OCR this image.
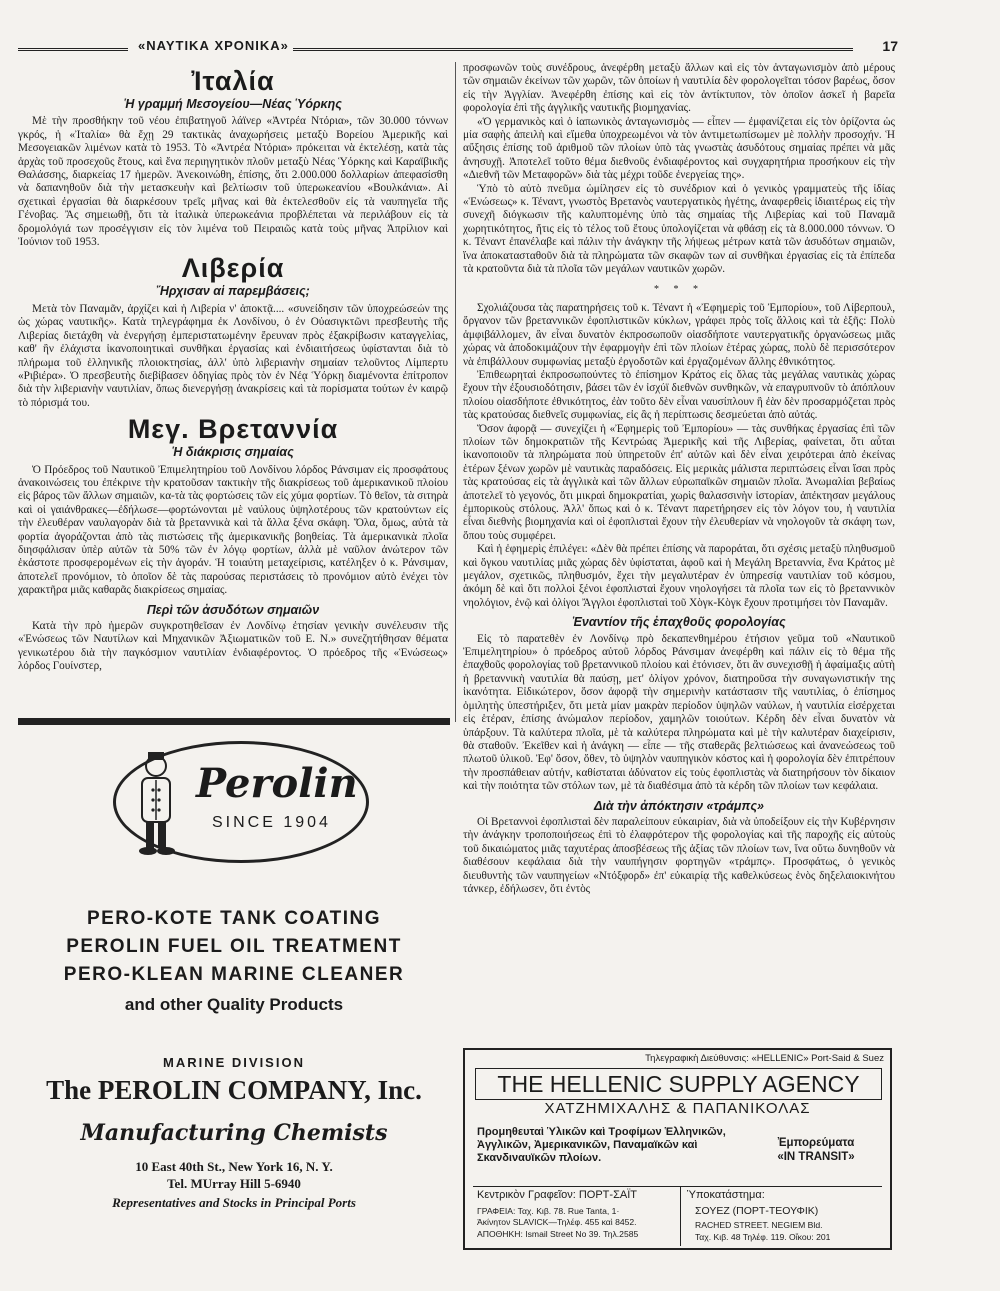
«ΝΑΥΤΙΚΑ ΧΡΟΝΙΚΑ»	17
Ἰταλία
Ἡ γραμμή Μεσογείου—Νέας Ὑόρκης

Μὲ τὴν προσθήκην τοῦ νέου ἐπιβατηγοῦ λάϊνερ «Ἀντρέα Ντόρια», τῶν 30.000 τόννων γκρός, ἡ «Ἰταλία» θὰ ἔχῃ 29 τακτικὰς ἀναχωρήσεις μεταξὺ Βορείου Ἀμερικῆς καὶ Μεσογειακῶν λιμένων κατὰ τὸ 1953. Τὸ «Ἀντρέα Ντόρια» πρόκειται νὰ ἐκτελέσῃ, κατὰ τὰς ἀρχὰς τοῦ προσεχοῦς ἔτους, καὶ ἕνα περιηγητικὸν πλοῦν μεταξὺ Νέας Ὑόρκης καὶ Καραϊβικῆς Θαλάσσης, διαρκείας 17 ἡμερῶν. Ἀνεκοινώθη, ἐπίσης, ὅτι 2.000.000 δολλαρίων ἀπεφασίσθη νὰ δαπανηθοῦν διὰ τὴν μετασκευὴν καὶ βελτίωσιν τοῦ ὑπερωκεανίου «Βουλκάνια». Αἱ σχετικαὶ ἐργασίαι θὰ διαρκέσουν τρεῖς μῆνας καὶ θὰ ἐκτελεσθοῦν εἰς τὰ ναυπηγεῖα τῆς Γένοβας. Ἂς σημειωθῇ, ὅτι τὰ ἰταλικὰ ὑπερωκεάνια προβλέπεται νὰ περιλάβουν εἰς τὰ δρομολόγιά των προσέγγισιν εἰς τὸν λιμένα τοῦ Πειραιῶς κατὰ τοὺς μῆνας Ἀπρίλιον καὶ Ἰούνιον τοῦ 1953.

Λιβερία
Ἤρχισαν αἱ παρεμβάσεις;

Μετὰ τὸν Παναμᾶν, ἀρχίζει καὶ ἡ Λιβερία ν' ἀποκτᾷ.... «συνείδησιν τῶν ὑποχρεώσεών της ὡς χώρας ναυτικῆς». Κατὰ τηλεγράφημα ἐκ Λονδίνου, ὁ ἐν Οὐασιγκτῶνι πρεσβευτὴς τῆς Λιβερίας διετάχθη νὰ ἐνεργήσῃ ἐμπεριστατωμένην ἔρευναν πρὸς ἐξακρίβωσιν καταγγελίας, καθ' ἣν ἐλάχιστα ἱκανοποιητικαὶ συνθῆκαι ἐργασίας καὶ ἐνδιαιτήσεως ὑφίστανται διὰ τὸ πλήρωμα τοῦ ἑλληνικῆς πλοιοκτησίας, ἀλλ' ὑπὸ λιβεριανὴν σημαίαν τελοῦντος Λίμπερτυ «Ριβιέρα». Ὁ πρεσβευτὴς διεβίβασεν ὁδηγίας πρὸς τὸν ἐν Νέᾳ Ὑόρκῃ διαμένοντα ἐπίτροπον διὰ τὴν λιβεριανὴν ναυτιλίαν, ὅπως διενεργήσῃ ἀνακρίσεις καὶ τὰ πορίσματα τούτων ἐν καιρῷ τὸ πόρισμά του.

Μεγ. Βρεταννία
Ἡ διάκρισις σημαίας

Ὁ Πρόεδρος τοῦ Ναυτικοῦ Ἐπιμελητηρίου τοῦ Λονδίνου λόρδος Ράνσιμαν εἰς προσφάτους ἀνακοινώσεις του ἐπέκρινε τὴν κρατοῦσαν τακτικὴν τῆς διακρίσεως τοῦ ἀμερικανικοῦ πλοίου εἰς βάρος τῶν ἄλλων σημαιῶν, κα-τὰ τὰς φορτώσεις τῶν εἰς χύμα φορτίων. Τὸ θεῖον, τὰ σιτηρὰ καὶ οἱ γαιάνθρακες—ἐδήλωσε—φορτώνονται μὲ ναύλους ὑψηλοτέρους τῶν κρατούντων εἰς τὴν ἐλευθέραν ναυλαγορὰν διὰ τὰ βρεταννικὰ καὶ τὰ ἄλλα ξένα σκάφη. Ὅλα, ὅμως, αὐτὰ τὰ φορτία ἀγοράζονται ἀπὸ τὰς πιστώσεις τῆς ἀμερικανικῆς βοηθείας. Τὰ ἀμερικανικὰ πλοῖα διησφάλισαν ὑπὲρ αὐτῶν τὰ 50% τῶν ἐν λόγῳ φορτίων, ἀλλὰ μὲ ναῦλον ἀνώτερον τῶν ἑκάστοτε προσφερομένων εἰς τὴν ἀγοράν. Ἡ τοιαύτη μεταχείρισις, κατέληξεν ὁ κ. Ράνσιμαν, ἀποτελεῖ προνόμιον, τὸ ὁποῖον δὲ τὰς παρούσας περιστάσεις τὸ προνόμιον αὐτὸ ἐνέχει τὸν χαρακτῆρα μιᾶς καθαρᾶς διακρίσεως σημαίας.

Περὶ τῶν ἀσυδότων σημαιῶν

Κατὰ τὴν πρὸ ἡμερῶν συγκροτηθεῖσαν ἐν Λονδίνῳ ἐτησίαν γενικὴν συνέλευσιν τῆς «Ἑνώσεως τῶν Ναυτίλων καὶ Μηχανικῶν Ἀξιωματικῶν τοῦ Ε. Ν.» συνεζητήθησαν θέματα γενικωτέρου διὰ τὴν παγκόσμιον ναυτιλίαν ἐνδιαφέροντος. Ὁ πρόεδρος τῆς «Ἑνώσεως» λόρδος Γουίνστερ,

προσφωνῶν τοὺς συνέδρους, ἀνεφέρθη μεταξὺ ἄλλων καὶ εἰς τὸν ἀνταγωνισμὸν ἀπὸ μέρους τῶν σημαιῶν ἐκείνων τῶν χωρῶν, τῶν ὁποίων ἡ ναυτιλία δὲν φορολογεῖται τόσον βαρέως, ὅσον εἰς τὴν Ἀγγλίαν. Ἀνεφέρθη ἐπίσης καὶ εἰς τὸν ἀντίκτυπον, τὸν ὁποῖον ἀσκεῖ ἡ βαρεῖα φορολογία ἐπὶ τῆς ἀγγλικῆς ναυτικῆς βιομηχανίας.

«Ὁ γερμανικὸς καὶ ὁ ἰαπωνικὸς ἀνταγωνισμὸς — εἶπεν — ἐμφανίζεται εἰς τὸν ὁρίζοντα ὡς μία σαφὴς ἀπειλὴ καὶ εἴμεθα ὑποχρεωμένοι νὰ τὸν ἀντιμετωπίσωμεν μὲ πολλὴν προσοχήν. Ἡ αὔξησις ἐπίσης τοῦ ἀριθμοῦ τῶν πλοίων ὑπὸ τὰς γνωστὰς ἀσυδότους σημαίας πρέπει νὰ μᾶς ἀνησυχῇ. Ἀποτελεῖ τοῦτο θέμα διεθνοῦς ἐνδιαφέροντος καὶ συγχαρητήρια προσήκουν εἰς τὴν «Διεθνῆ τῶν Μεταφορῶν» διὰ τὰς μέχρι τοῦδε ἐνεργείας της».

Ὑπὸ τὸ αὐτὸ πνεῦμα ὡμίλησεν εἰς τὸ συνέδριον καὶ ὁ γενικὸς γραμματεὺς τῆς ἰδίας «Ἑνώσεως» κ. Τέναντ, γνωστὸς Βρετανὸς ναυτεργατικὸς ἡγέτης, ἀναφερθεὶς ἰδιαιτέρως εἰς τὴν συνεχῆ διόγκωσιν τῆς καλυπτομένης ὑπὸ τὰς σημαίας τῆς Λιβερίας καὶ τοῦ Παναμᾶ χωρητικότητος, ἥτις εἰς τὸ τέλος τοῦ ἔτους ὑπολογίζεται νὰ φθάσῃ εἰς τὰ 8.000.000 τόννων. Ὁ κ. Τέναντ ἐπανέλαβε καὶ πάλιν τὴν ἀνάγκην τῆς λήψεως μέτρων κατὰ τῶν ἀσυδότων σημαιῶν, ἵνα ἀποκατασταθοῦν διὰ τὰ πληρώματα τῶν σκαφῶν των αἱ συνθῆκαι ἐργασίας εἰς τὰ ἐπίπεδα τὰ κρατοῦντα διὰ τὰ πλοῖα τῶν μεγάλων ναυτικῶν χωρῶν.

* * *

Σχολιάζουσα τὰς παρατηρήσεις τοῦ κ. Τέναντ ἡ «Ἐφημερὶς τοῦ Ἐμπορίου», τοῦ Λίβερπουλ, ὄργανον τῶν βρεταννικῶν ἐφοπλιστικῶν κύκλων, γράφει πρὸς τοῖς ἄλλοις καὶ τὰ ἑξῆς: Πολὺ ἀμφιβάλλομεν, ἂν εἶναι δυνατὸν ἐκπροσωποῦν οἱασδήποτε ναυτεργατικῆς ὀργανώσεως μιᾶς χώρας νὰ ἀποδοκιμάζουν τὴν ἐφαρμογὴν ἐπὶ τῶν πλοίων ἑτέρας χώρας, πολὺ δὲ περισσότερον νὰ ἐπιβάλλουν συμφωνίας μεταξὺ ἐργοδοτῶν καὶ ἐργαζομένων ἄλλης ἐθνικότητος.

Ἐπιθεωρηταὶ ἐκπροσωπούντες τὸ ἐπίσημον Κράτος εἰς ὅλας τὰς μεγάλας ναυτικὰς χώρας ἔχουν τὴν ἐξουσιοδότησιν, βάσει τῶν ἐν ἰσχύϊ διεθνῶν συνθηκῶν, νὰ επαγρυπνοῦν τὸ ἀπόπλουν πλοίου οἱασδήποτε ἐθνικότητος, ἐὰν τοῦτο δὲν εἶναι ναυσίπλουν ἢ ἐὰν δὲν προσαρμόζεται πρὸς τὰς κρατούσας διεθνεῖς συμφωνίας, εἰς ἃς ἡ περίπτωσις δεσμεύεται ἀπὸ αὐτάς.

Ὅσον ἀφορᾷ — συνεχίζει ἡ «Ἐφημερὶς τοῦ Ἐμπορίου» — τὰς συνθήκας ἐργασίας ἐπὶ τῶν πλοίων τῶν δημοκρατιῶν τῆς Κεντρώας Ἀμερικῆς καὶ τῆς Λιβερίας, φαίνεται, ὅτι αὗται ἱκανοποιοῦν τὰ πληρώματα ποὺ ὑπηρετοῦν ἐπ' αὐτῶν καὶ δὲν εἶναι χειρότεραι ἀπὸ ἐκείνας ἑτέρων ξένων χωρῶν μὲ ναυτικὰς παραδόσεις. Εἰς μερικὰς μάλιστα περιπτώσεις εἶναι ἴσαι πρὸς τὰς κρατούσας εἰς τὰ ἀγγλικὰ καὶ τῶν ἄλλων εὐρωπαϊκῶν σημαιῶν πλοῖα. Ἀνωμαλίαι βεβαίως ἀποτελεῖ τὸ γεγονός, ὅτι μικραὶ δημοκρατίαι, χωρὶς θαλασσινὴν ἱστορίαν, ἀπέκτησαν μεγάλους ἐμπορικοὺς στόλους. Ἀλλ' ὅπως καὶ ὁ κ. Τέναντ παρετήρησεν εἰς τὸν λόγον του, ἡ ναυτιλία εἶναι διεθνὴς βιομηχανία καὶ οἱ ἐφοπλισταὶ ἔχουν τὴν ἐλευθερίαν νὰ νηολογοῦν τὰ σκάφη των, ὅπου τοὺς συμφέρει.

Καὶ ἡ ἐφημερὶς ἐπιλέγει: «Δὲν θὰ πρέπει ἐπίσης νὰ παροράται, ὅτι σχέσις μεταξὺ πληθυσμοῦ καὶ ὄγκου ναυτιλίας μιᾶς χώρας δὲν ὑφίσταται, ἀφοῦ καὶ ἡ Μεγάλη Βρεταννία, ἕνα Κράτος μὲ μεγάλον, σχετικῶς, πληθυσμόν, ἔχει τὴν μεγαλυτέραν ἐν ὑπηρεσίᾳ ναυτιλίαν τοῦ κόσμου, ἀκόμη δὲ καὶ ὅτι πολλοὶ ξένοι ἐφοπλισταὶ ἔχουν νηολογήσει τὰ πλοῖα των εἰς τὸ βρεταννικὸν νηολόγιον, ἐνῷ καὶ ὀλίγοι Ἄγγλοι ἐφοπλισταὶ τοῦ Χὸγκ-Κὸγκ ἔχουν προτιμήσει τὸν Παναμᾶν.

Ἐναντίον τῆς ἐπαχθοῦς φορολογίας

Εἰς τὸ παρατεθὲν ἐν Λονδίνῳ πρὸ δεκαπενθημέρου ἐτήσιον γεῦμα τοῦ «Ναυτικοῦ Ἐπιμελητηρίου» ὁ πρόεδρος αὐτοῦ λόρδος Ράνσιμαν ἀνεφέρθη καὶ πάλιν εἰς τὸ θέμα τῆς ἐπαχθοῦς φορολογίας τοῦ βρεταννικοῦ πλοίου καὶ ἐτόνισεν, ὅτι ἂν συνεχισθῇ ἡ ἀφαίμαξις αὐτὴ ἡ βρεταννικὴ ναυτιλία θὰ παύσῃ, μετ' ὀλίγον χρόνον, διατηροῦσα τὴν συναγωνιστικήν της ἱκανότητα. Εἰδικώτερον, ὅσον ἀφορᾷ τὴν σημερινὴν κατάστασιν τῆς ναυτιλίας, ὁ ἐπίσημος ὁμιλητὴς ὑπεστήριξεν, ὅτι μετὰ μίαν μακρὰν περίοδον ὑψηλῶν ναύλων, ἡ ναυτιλία εἰσέρχεται εἰς ἑτέραν, ἐπίσης ἀνώμαλον περίοδον, χαμηλῶν τοιούτων. Κέρδη δὲν εἶναι δυνατὸν νὰ ὑπάρξουν. Τὰ καλύτερα πλοῖα, μὲ τὰ καλύτερα πληρώματα καὶ μὲ τὴν καλυτέραν διαχείρισιν, θὰ σταθοῦν. Ἐκεῖθεν καὶ ἡ ἀνάγκη — εἶπε — τῆς σταθερᾶς βελτιώσεως καὶ ἀνανεώσεως τοῦ πλωτοῦ ὑλικοῦ. Ἐφ' ὅσον, ὅθεν, τὸ ὑψηλὸν ναυπηγικὸν κόστος καὶ ἡ φορολογία δὲν ἐπιτρέπουν τὴν προσπάθειαν αὐτήν, καθίσταται ἀδύνατον εἰς τοὺς ἐφοπλιστὰς νὰ διατηρήσουν τὸν δίκαιον καὶ τὴν ποιότητα τῶν στόλων των, μὲ τὰ διαθέσιμα ἀπὸ τὰ κέρδη τῶν πλοίων των κεφάλαια.

Διὰ τὴν ἀπόκτησιν «τράμπς»

Οἱ Βρεταννοὶ ἐφοπλισταὶ δὲν παραλείπουν εὐκαιρίαν, διὰ νὰ ὑποδείξουν εἰς τὴν Κυβέρνησιν τὴν ἀνάγκην τροποποιήσεως ἐπὶ τὸ ἐλαφρότερον τῆς φορολογίας καὶ τῆς παροχῆς εἰς αὐτοὺς τοῦ δικαιώματος μιᾶς ταχυτέρας ἀποσβέσεως τῆς ἀξίας τῶν πλοίων των, ἵνα οὕτω δυνηθοῦν νὰ διαθέσουν κεφάλαια διὰ τὴν ναυπήγησιν φορτηγῶν «τράμπς». Προσφάτως, ὁ γενικὸς διευθυντὴς τῶν ναυπηγείων «Ντόξφορδ» ἐπ' εὐκαιρίᾳ τῆς καθελκύσεως ἑνὸς δηξελαιοκινήτου τάνκερ, ἐδήλωσεν, ὅτι ἐντὸς

Perolin
SINCE 1904
PERO-KOTE TANK COATING
PEROLIN FUEL OIL TREATMENT
PERO-KLEAN MARINE CLEANER
and other Quality Products
MARINE DIVISION
The PEROLIN COMPANY, Inc.
Manufacturing Chemists
10 East 40th St., New York 16, N. Y.
Tel. MUrray Hill 5-6940
Representatives and Stocks in Principal Ports
Τηλεγραφικὴ Διεύθυνσις: «HELLENIC» Port-Said & Suez
THE HELLENIC SUPPLY AGENCY
ΧΑΤΖΗΜΙΧΑΛΗΣ & ΠΑΠΑΝΙΚΟΛΑΣ
Προμηθευταὶ Ὑλικῶν καὶ Τροφίμων Ἑλληνικῶν, Ἀγγλικῶν, Ἀμερικανικῶν, Παναμαϊκῶν καὶ Σκανδιναυϊκῶν πλοίων.
Ἐμπορεύματα
«IN TRANSIT»
Κεντρικὸν Γραφεῖον: ΠΟΡΤ-ΣΑΪΤ
ΓΡΑΦΕΙΑ: Ταχ. Κιβ. 78. Rue Tanta, 1·
Ἀκίνητον SLAVICK—Τηλέφ. 455 καὶ 8452.
ΑΠΟΘΗΚΗ: Ismail Street No 39. Τηλ.2585
Ὑποκατάστημα:
ΣΟΥΕΖ (ΠΟΡΤ-ΤΕΟΥΦΙΚ)
RACHED STREET. NEGIEM Bld.
Ταχ. Κιβ. 48 Τηλέφ. 119. Οἴκου: 201
